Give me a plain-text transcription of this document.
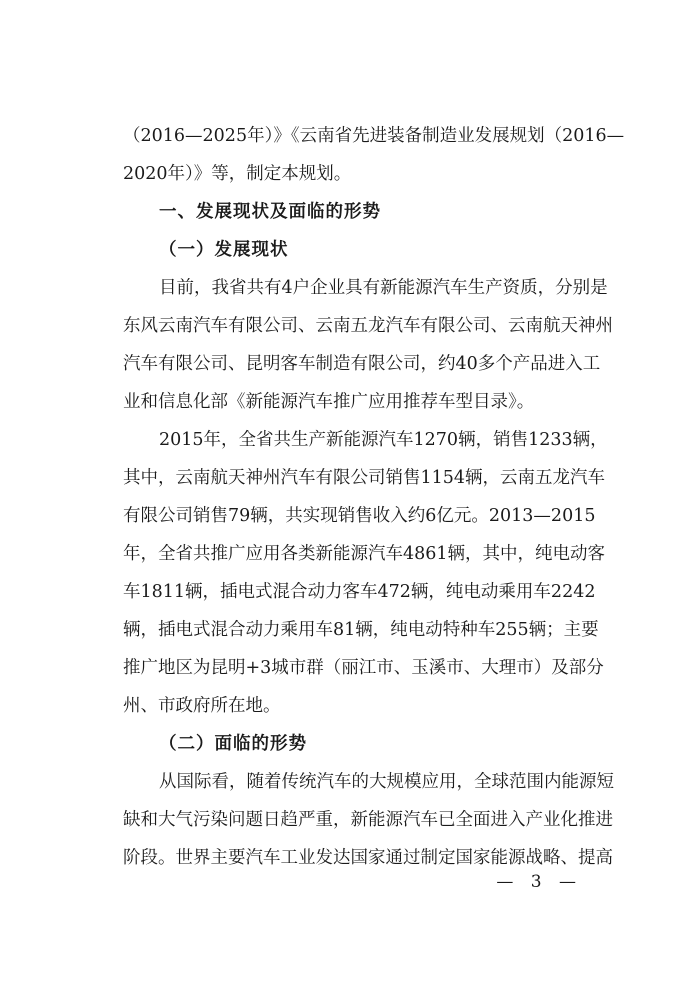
（2016—2025年）》《云南省先进装备制造业发展规划（2016—
2020年）》等，制定本规划。
一、发展现状及面临的形势
（一）发展现状
目前，我省共有4户企业具有新能源汽车生产资质，分别是
东风云南汽车有限公司、云南五龙汽车有限公司、云南航天神州
汽车有限公司、昆明客车制造有限公司，约40多个产品进入工
业和信息化部《新能源汽车推广应用推荐车型目录》。
2015年，全省共生产新能源汽车1270辆，销售1233辆，
其中，云南航天神州汽车有限公司销售1154辆，云南五龙汽车
有限公司销售79辆，共实现销售收入约6亿元。2013—2015
年，全省共推广应用各类新能源汽车4861辆，其中，纯电动客
车1811辆，插电式混合动力客车472辆，纯电动乘用车2242
辆，插电式混合动力乘用车81辆，纯电动特种车255辆；主要
推广地区为昆明+3城市群（丽江市、玉溪市、大理市）及部分
州、市政府所在地。
（二）面临的形势
从国际看，随着传统汽车的大规模应用，全球范围内能源短
缺和大气污染问题日趋严重，新能源汽车已全面进入产业化推进
阶段。世界主要汽车工业发达国家通过制定国家能源战略、提高
— 3 —
